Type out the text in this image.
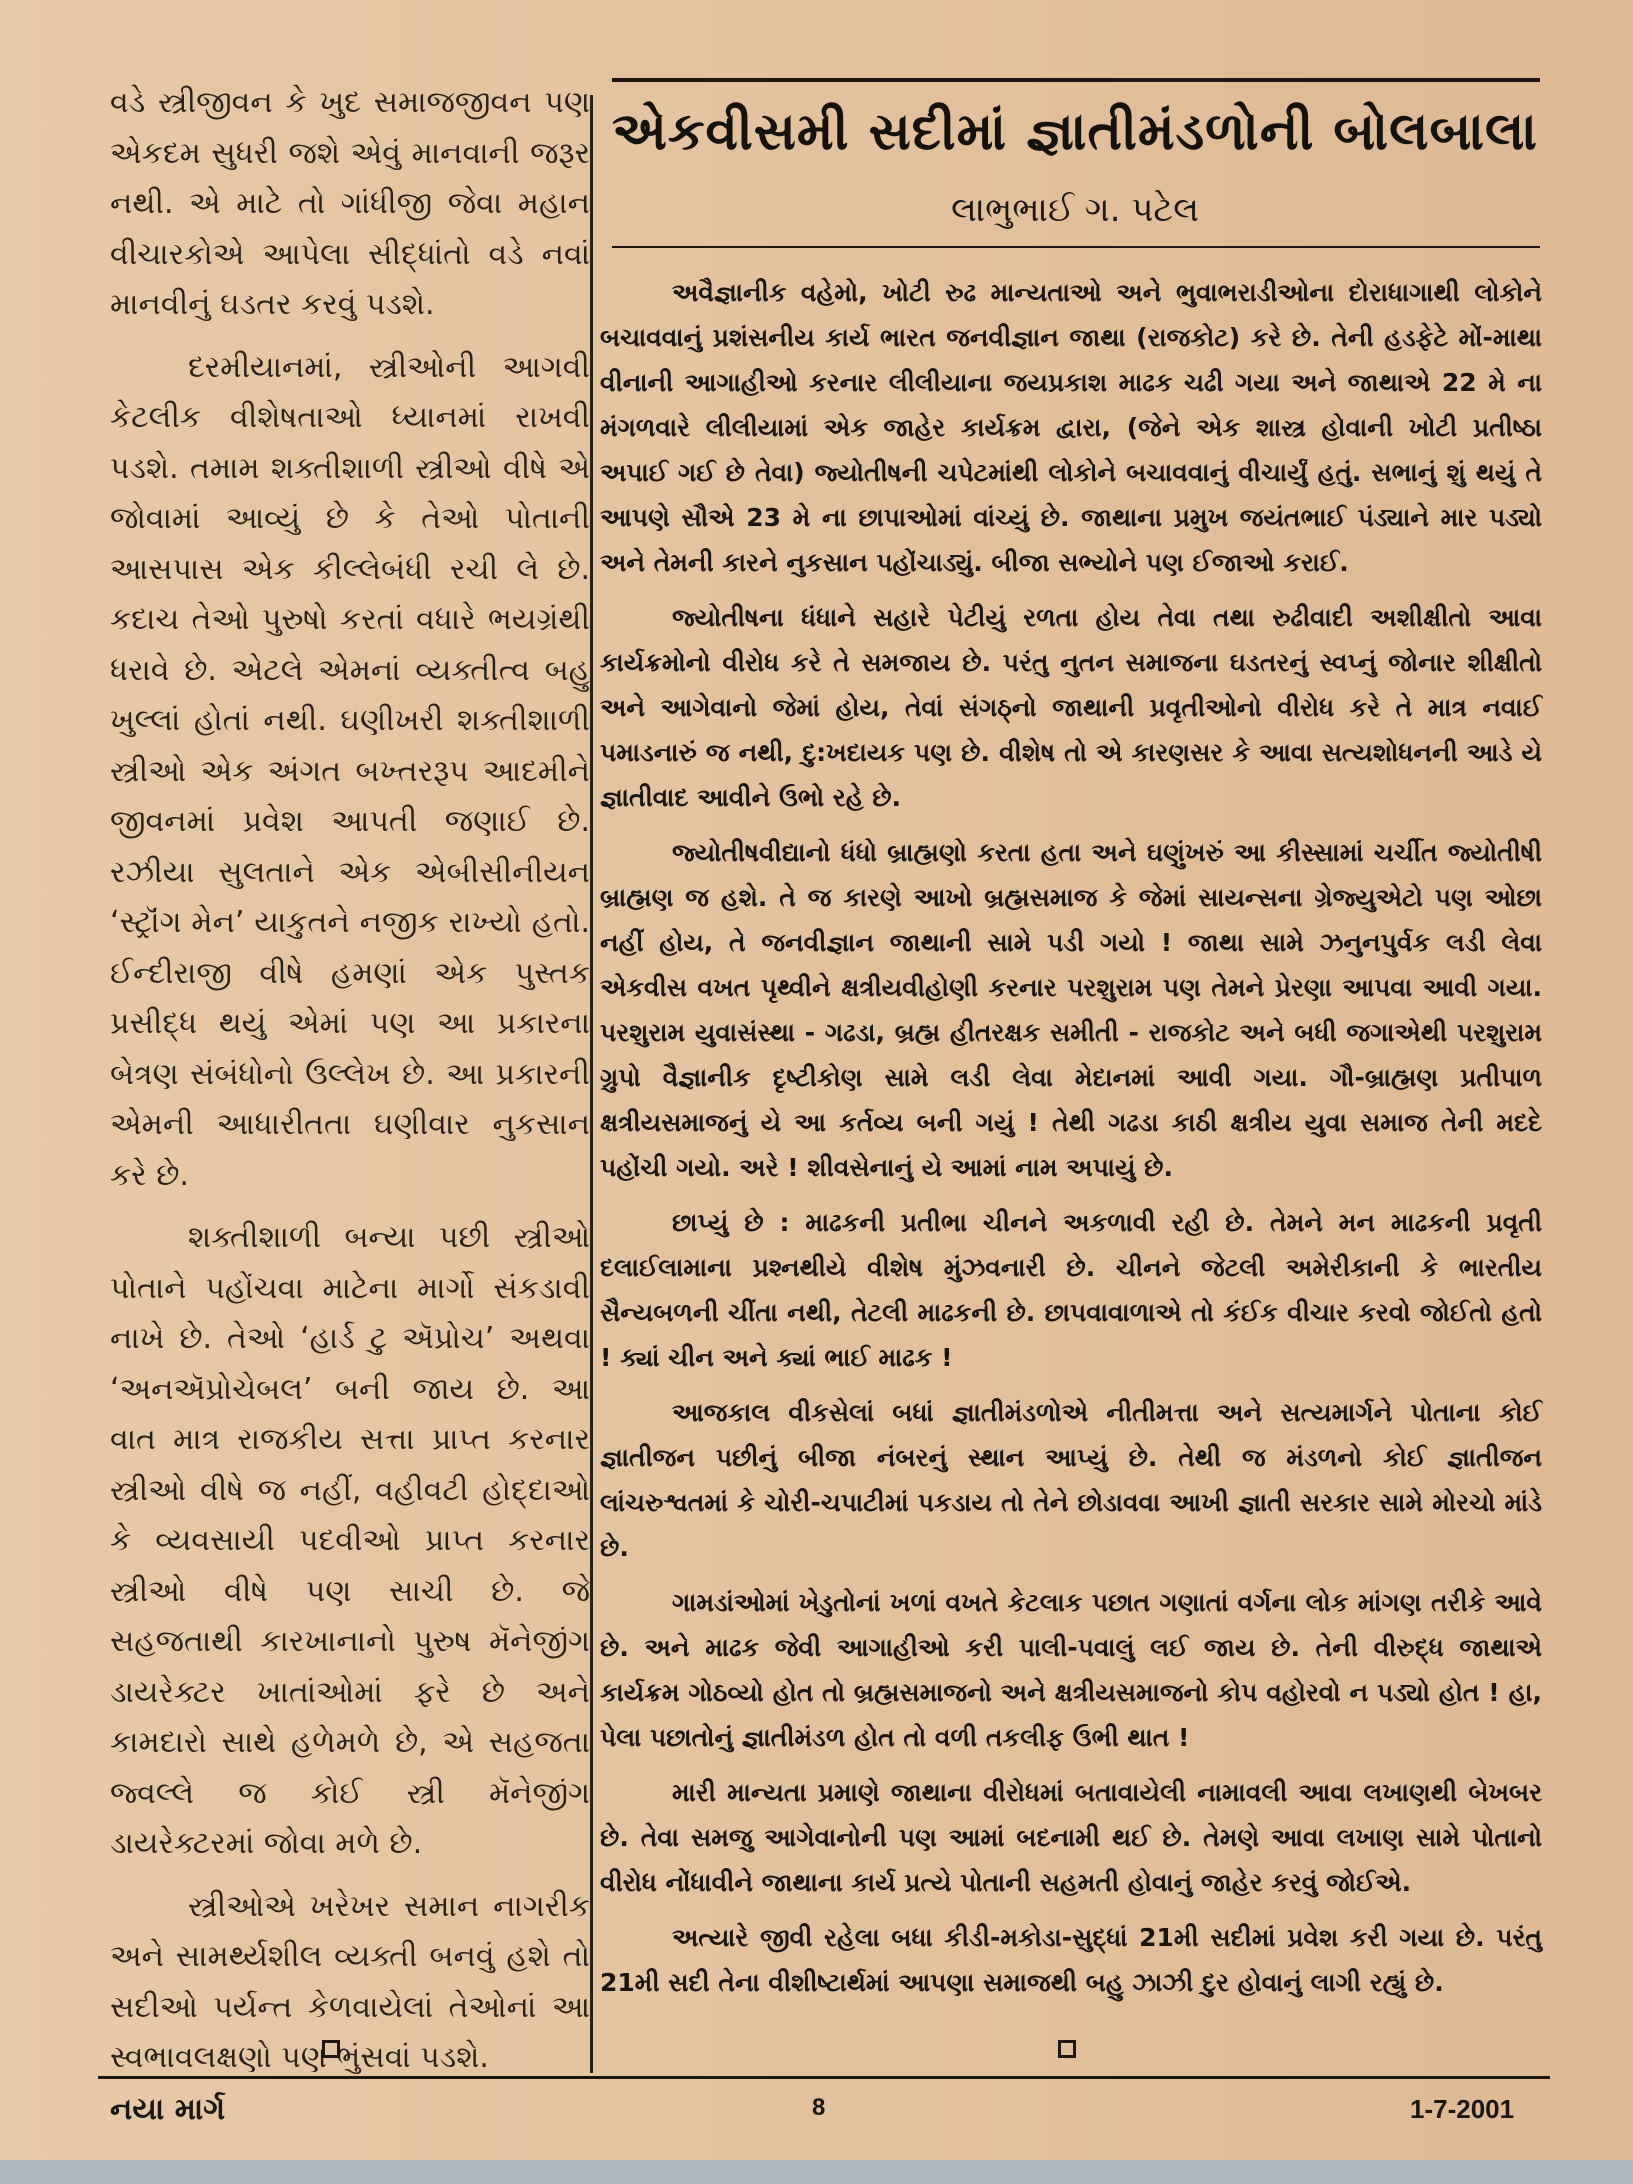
વડે સ્ત્રીજીવન કે ખુદ સમાજજીવન પણ એકદમ સુધરી જશે એવું માનવાની જરૂર નથી. એ માટે તો ગાંધીજી જેવા મહાન વીચારકોએ આપેલા સીદ્ધાંતો વડે નવાં માનવીનું ઘડતર કરવું પડશે.

દરમીયાનમાં, સ્ત્રીઓની આગવી કેટલીક વીશેષતાઓ ધ્યાનમાં રાખવી પડશે. તમામ શક્તીશાળી સ્ત્રીઓ વીષે એ જોવામાં આવ્યું છે કે તેઓ પોતાની આસપાસ એક કીલ્લેબંધી રચી લે છે. કદાચ તેઓ પુરુષો કરતાં વધારે ભયગ્રંથી ધરાવે છે. એટલે એમનાં વ્યક્તીત્વ બહુ ખુલ્લાં હોતાં નથી. ઘણીખરી શક્તીશાળી સ્ત્રીઓ એક અંગત બખ્તરરૂપ આદમીને જીવનમાં પ્રવેશ આપતી જણાઈ છે. રઝીયા સુલતાને એક એબીસીનીયન ‘સ્ટ્રૉંગ મેન’ યાકુતને નજીક રાખ્યો હતો. ઈન્દીરાજી વીષે હમણાં એક પુસ્તક પ્રસીદ્ધ થયું એમાં પણ આ પ્રકારના બેત્રણ સંબંધોનો ઉલ્લેખ છે. આ પ્રકારની એમની આધારીતતા ઘણીવાર નુકસાન કરે છે.

શક્તીશાળી બન્યા પછી સ્ત્રીઓ પોતાને પહોંચવા માટેના માર્ગો સંકડાવી નાખે છે. તેઓ ‘હાર્ડ ટુ ઍપ્રોચ’ અથવા ‘અનઍપ્રોચેબલ’ બની જાય છે. આ વાત માત્ર રાજકીય સત્તા પ્રાપ્ત કરનાર સ્ત્રીઓ વીષે જ નહીં, વહીવટી હોદ્દાઓ કે વ્યવસાયી પદવીઓ પ્રાપ્ત કરનાર સ્ત્રીઓ વીષે પણ સાચી છે. જે સહજતાથી કારખાનાનો પુરુષ મૅનેજીંગ ડાયરેક્ટર ખાતાંઓમાં ફરે છે અને કામદારો સાથે હળેમળે છે, એ સહજતા જ્વલ્લે જ કોઈ સ્ત્રી મૅનેજીંગ ડાયરેક્ટરમાં જોવા મળે છે.

સ્ત્રીઓએ ખરેખર સમાન નાગરીક અને સામર્થ્યશીલ વ્યક્તી બનવું હશે તો સદીઓ પર્યન્ત કેળવાયેલાં તેઓનાં આ સ્વભાવલક્ષણો પણ ભુંસવાં પડશે.

એકવીસમી સદીમાં જ્ઞાતીમંડળોની બોલબાલા
લાભુભાઈ ગ. પટેલ

અવૈજ્ઞાનીક વહેમો, ખોટી રુઢ માન્યતાઓ અને ભુવાભરાડીઓના દોરાધાગાથી લોકોને બચાવવાનું પ્રશંસનીય કાર્ય ભારત જનવીજ્ઞાન જાથા (રાજકોટ) કરે છે. તેની હડફેટે મોં-માથા વીનાની આગાહીઓ કરનાર લીલીયાના જયપ્રકાશ માઢક ચઢી ગયા અને જાથાએ 22 મે ના મંગળવારે લીલીયામાં એક જાહેર કાર્યક્રમ દ્વારા, (જેને એક શાસ્ત્ર હોવાની ખોટી પ્રતીષ્ઠા અપાઈ ગઈ છે તેવા) જ્યોતીષની ચપેટમાંથી લોકોને બચાવવાનું વીચાર્યું હતું. સભાનું શું થયું તે આપણે સૌએ 23 મે ના છાપાઓમાં વાંચ્યું છે. જાથાના પ્રમુખ જયંતભાઈ પંડ્યાને માર પડ્યો અને તેમની કારને નુકસાન પહોંચાડ્યું. બીજા સભ્યોને પણ ઈજાઓ કરાઈ.

જ્યોતીષના ધંધાને સહારે પેટીયું રળતા હોય તેવા તથા રુઢીવાદી અશીક્ષીતો આવા કાર્યક્રમોનો વીરોધ કરે તે સમજાય છે. પરંતુ નુતન સમાજના ઘડતરનું સ્વપ્નું જોનાર શીક્ષીતો અને આગેવાનો જેમાં હોય, તેવાં સંગઠ્નો જાથાની પ્રવૃતીઓનો વીરોધ કરે તે માત્ર નવાઈ પમાડનારું જ નથી, દુ:ખદાયક પણ છે. વીશેષ તો એ કારણસર કે આવા સત્યશોધનની આડે યે જ્ઞાતીવાદ આવીને ઉભો રહે છે.

જ્યોતીષવીદ્યાનો ધંધો બ્રાહ્મણો કરતા હતા અને ઘણુંખરું આ કીસ્સામાં ચર્ચીત જ્યોતીષી બ્રાહ્મણ જ હશે. તે જ કારણે આખો બ્રહ્મસમાજ કે જેમાં સાયન્સના ગ્રેજ્યુએટો પણ ઓછા નહીં હોય, તે જનવીજ્ઞાન જાથાની સામે પડી ગયો ! જાથા સામે ઝનુનપુર્વક લડી લેવા એકવીસ વખત પૃથ્વીને ક્ષત્રીયવીહોણી કરનાર પરશુરામ પણ તેમને પ્રેરણા આપવા આવી ગયા. પરશુરામ યુવાસંસ્થા - ગઢડા, બ્રહ્મ હીતરક્ષક સમીતી - રાજકોટ અને બધી જગાએથી પરશુરામ ગ્રુપો વૈજ્ઞાનીક દૃષ્ટીકોણ સામે લડી લેવા મેદાનમાં આવી ગયા. ગૌ-બ્રાહ્મણ પ્રતીપાળ ક્ષત્રીયસમાજનું યે આ કર્તવ્ય બની ગયું ! તેથી ગઢડા કાઠી ક્ષત્રીય યુવા સમાજ તેની મદદે પહોંચી ગયો. અરે ! શીવસેનાનું યે આમાં નામ અપાયું છે.

છાપ્યું છે : માઢકની પ્રતીભા ચીનને અકળાવી રહી છે. તેમને મન માઢકની પ્રવૃતી દલાઈલામાના પ્રશ્નથીયે વીશેષ મુંઝવનારી છે. ચીનને જેટલી અમેરીકાની કે ભારતીય સૈન્યબળની ચીંતા નથી, તેટલી માઢકની છે. છાપવાવાળાએ તો કંઈક વીચાર કરવો જોઈતો હતો ! ક્યાં ચીન અને ક્યાં ભાઈ માઢક !

આજકાલ વીકસેલાં બધાં જ્ઞાતીમંડળોએ નીતીમત્તા અને સત્યમાર્ગને પોતાના કોઈ જ્ઞાતીજન પછીનું બીજા નંબરનું સ્થાન આપ્યું છે. તેથી જ મંડળનો કોઈ જ્ઞાતીજન લાંચરુશ્વતમાં કે ચોરી-ચપાટીમાં પકડાય તો તેને છોડાવવા આખી જ્ઞાતી સરકાર સામે મોરચો માંડે છે.

ગામડાંઓમાં ખેડુતોનાં ખળાં વખતે કેટલાક પછાત ગણાતાં વર્ગના લોક માંગણ તરીકે આવે છે. અને માઢક જેવી આગાહીઓ કરી પાલી-પવાલું લઈ જાય છે. તેની વીરુદ્ધ જાથાએ કાર્યક્રમ ગોઠવ્યો હોત તો બ્રહ્મસમાજનો અને ક્ષત્રીયસમાજનો કોપ વહોરવો ન પડ્યો હોત ! હા, પેલા પછાતોનું જ્ઞાતીમંડળ હોત તો વળી તકલીફ ઉભી થાત !

મારી માન્યતા પ્રમાણે જાથાના વીરોધમાં બતાવાયેલી નામાવલી આવા લખાણથી બેખબર છે. તેવા સમજુ આગેવાનોની પણ આમાં બદનામી થઈ છે. તેમણે આવા લખાણ સામે પોતાનો વીરોધ નોંધાવીને જાથાના કાર્ય પ્રત્યે પોતાની સહમતી હોવાનું જાહેર કરવું જોઈએ.

અત્યારે જીવી રહેલા બધા કીડી-મકોડા-સુદ્ધાં 21મી સદીમાં પ્રવેશ કરી ગયા છે. પરંતુ 21મી સદી તેના વીશીષ્ટાર્થમાં આપણા સમાજથી બહુ ઝાઝી દુર હોવાનું લાગી રહ્યું છે.

નયા માર્ગ	8	1-7-2001
